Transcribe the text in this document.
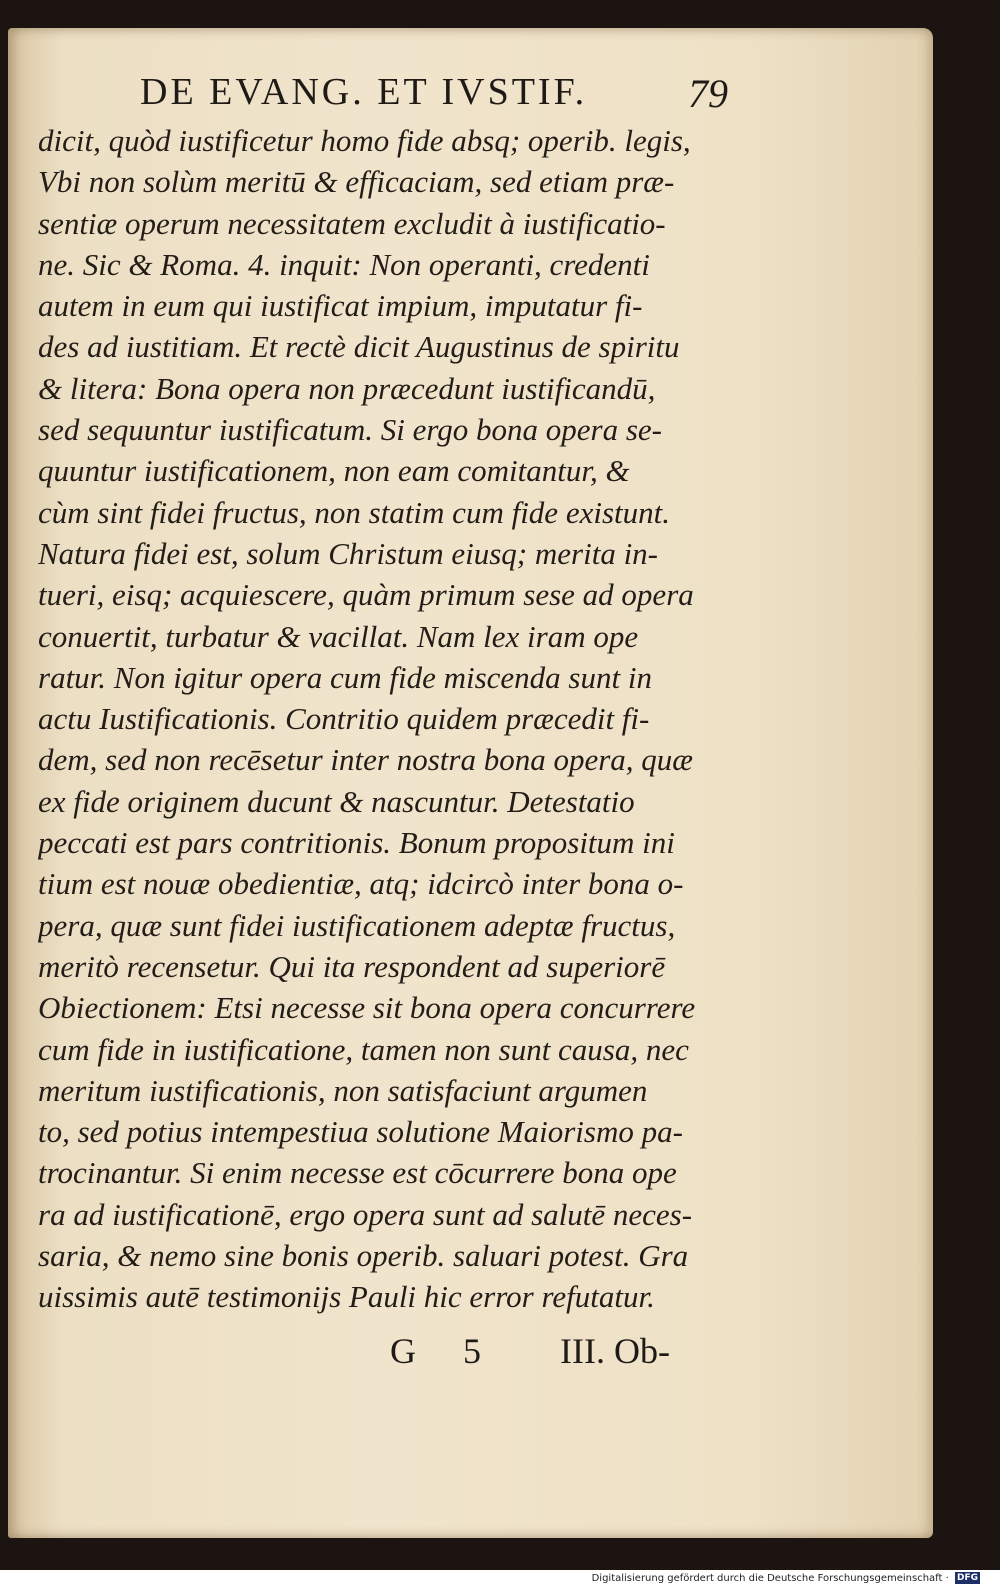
DE EVANG. ET IVSTIF.	79
dicit, quòd iustificetur homo fide absq; operib. legis,
Vbi non solùm meritū & efficaciam, sed etiam præ-
sentiæ operum necessitatem excludit à iustificatio-
ne. Sic & Roma. 4. inquit: Non operanti, credenti
autem in eum qui iustificat impium, imputatur fi-
des ad iustitiam. Et rectè dicit Augustinus de spiritu
& litera: Bona opera non præcedunt iustificandū,
sed sequuntur iustificatum. Si ergo bona opera se-
quuntur iustificationem, non eam comitantur, &
cùm sint fidei fructus, non statim cum fide existunt.
Natura fidei est, solum Christum eiusq; merita in-
tueri, eisq; acquiescere, quàm primum sese ad opera
conuertit, turbatur & vacillat. Nam lex iram ope
ratur. Non igitur opera cum fide miscenda sunt in
actu Iustificationis. Contritio quidem præcedit fi-
dem, sed non recēsetur inter nostra bona opera, quæ
ex fide originem ducunt & nascuntur. Detestatio
peccati est pars contritionis. Bonum propositum ini
tium est nouæ obedientiæ, atq; idcircò inter bona o-
pera, quæ sunt fidei iustificationem adeptæ fructus,
meritò recensetur. Qui ita respondent ad superiorē
Obiectionem: Etsi necesse sit bona opera concurrere
cum fide in iustificatione, tamen non sunt causa, nec
meritum iustificationis, non satisfaciunt argumen
to, sed potius intempestiua solutione Maiorismo pa-
trocinantur. Si enim necesse est cōcurrere bona ope
ra ad iustificationē, ergo opera sunt ad salutē neces-
saria, & nemo sine bonis operib. saluari potest. Gra
uissimis autē testimonijs Pauli hic error refutatur.
G 5 III. Ob-
Digitalisierung gefördert durch die Deutsche Forschungsgemeinschaft · DFG
